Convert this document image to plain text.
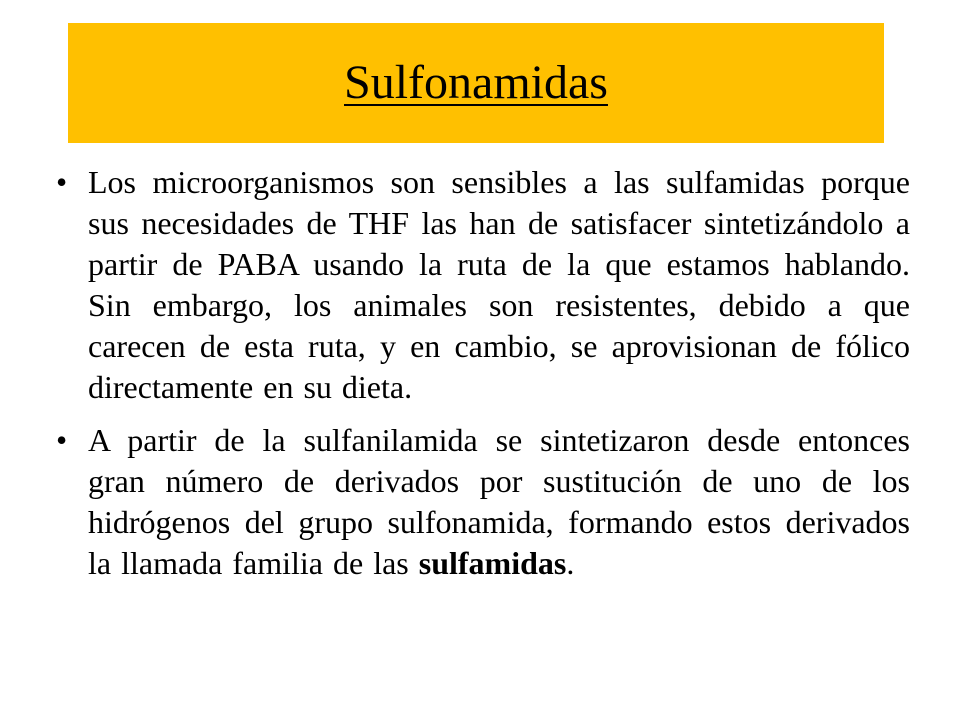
Sulfonamidas
• Los microorganismos son sensibles a las sulfamidas porque sus necesidades de THF las han de satisfacer sintetizándolo a partir de PABA usando la ruta de la que estamos hablando. Sin embargo, los animales son resistentes, debido a que carecen de esta ruta, y en cambio, se aprovisionan de fólico directamente en su dieta.
• A partir de la sulfanilamida se sintetizaron desde entonces gran número de derivados por sustitución de uno de los hidrógenos del grupo sulfonamida, formando estos derivados la llamada familia de las sulfamidas.
